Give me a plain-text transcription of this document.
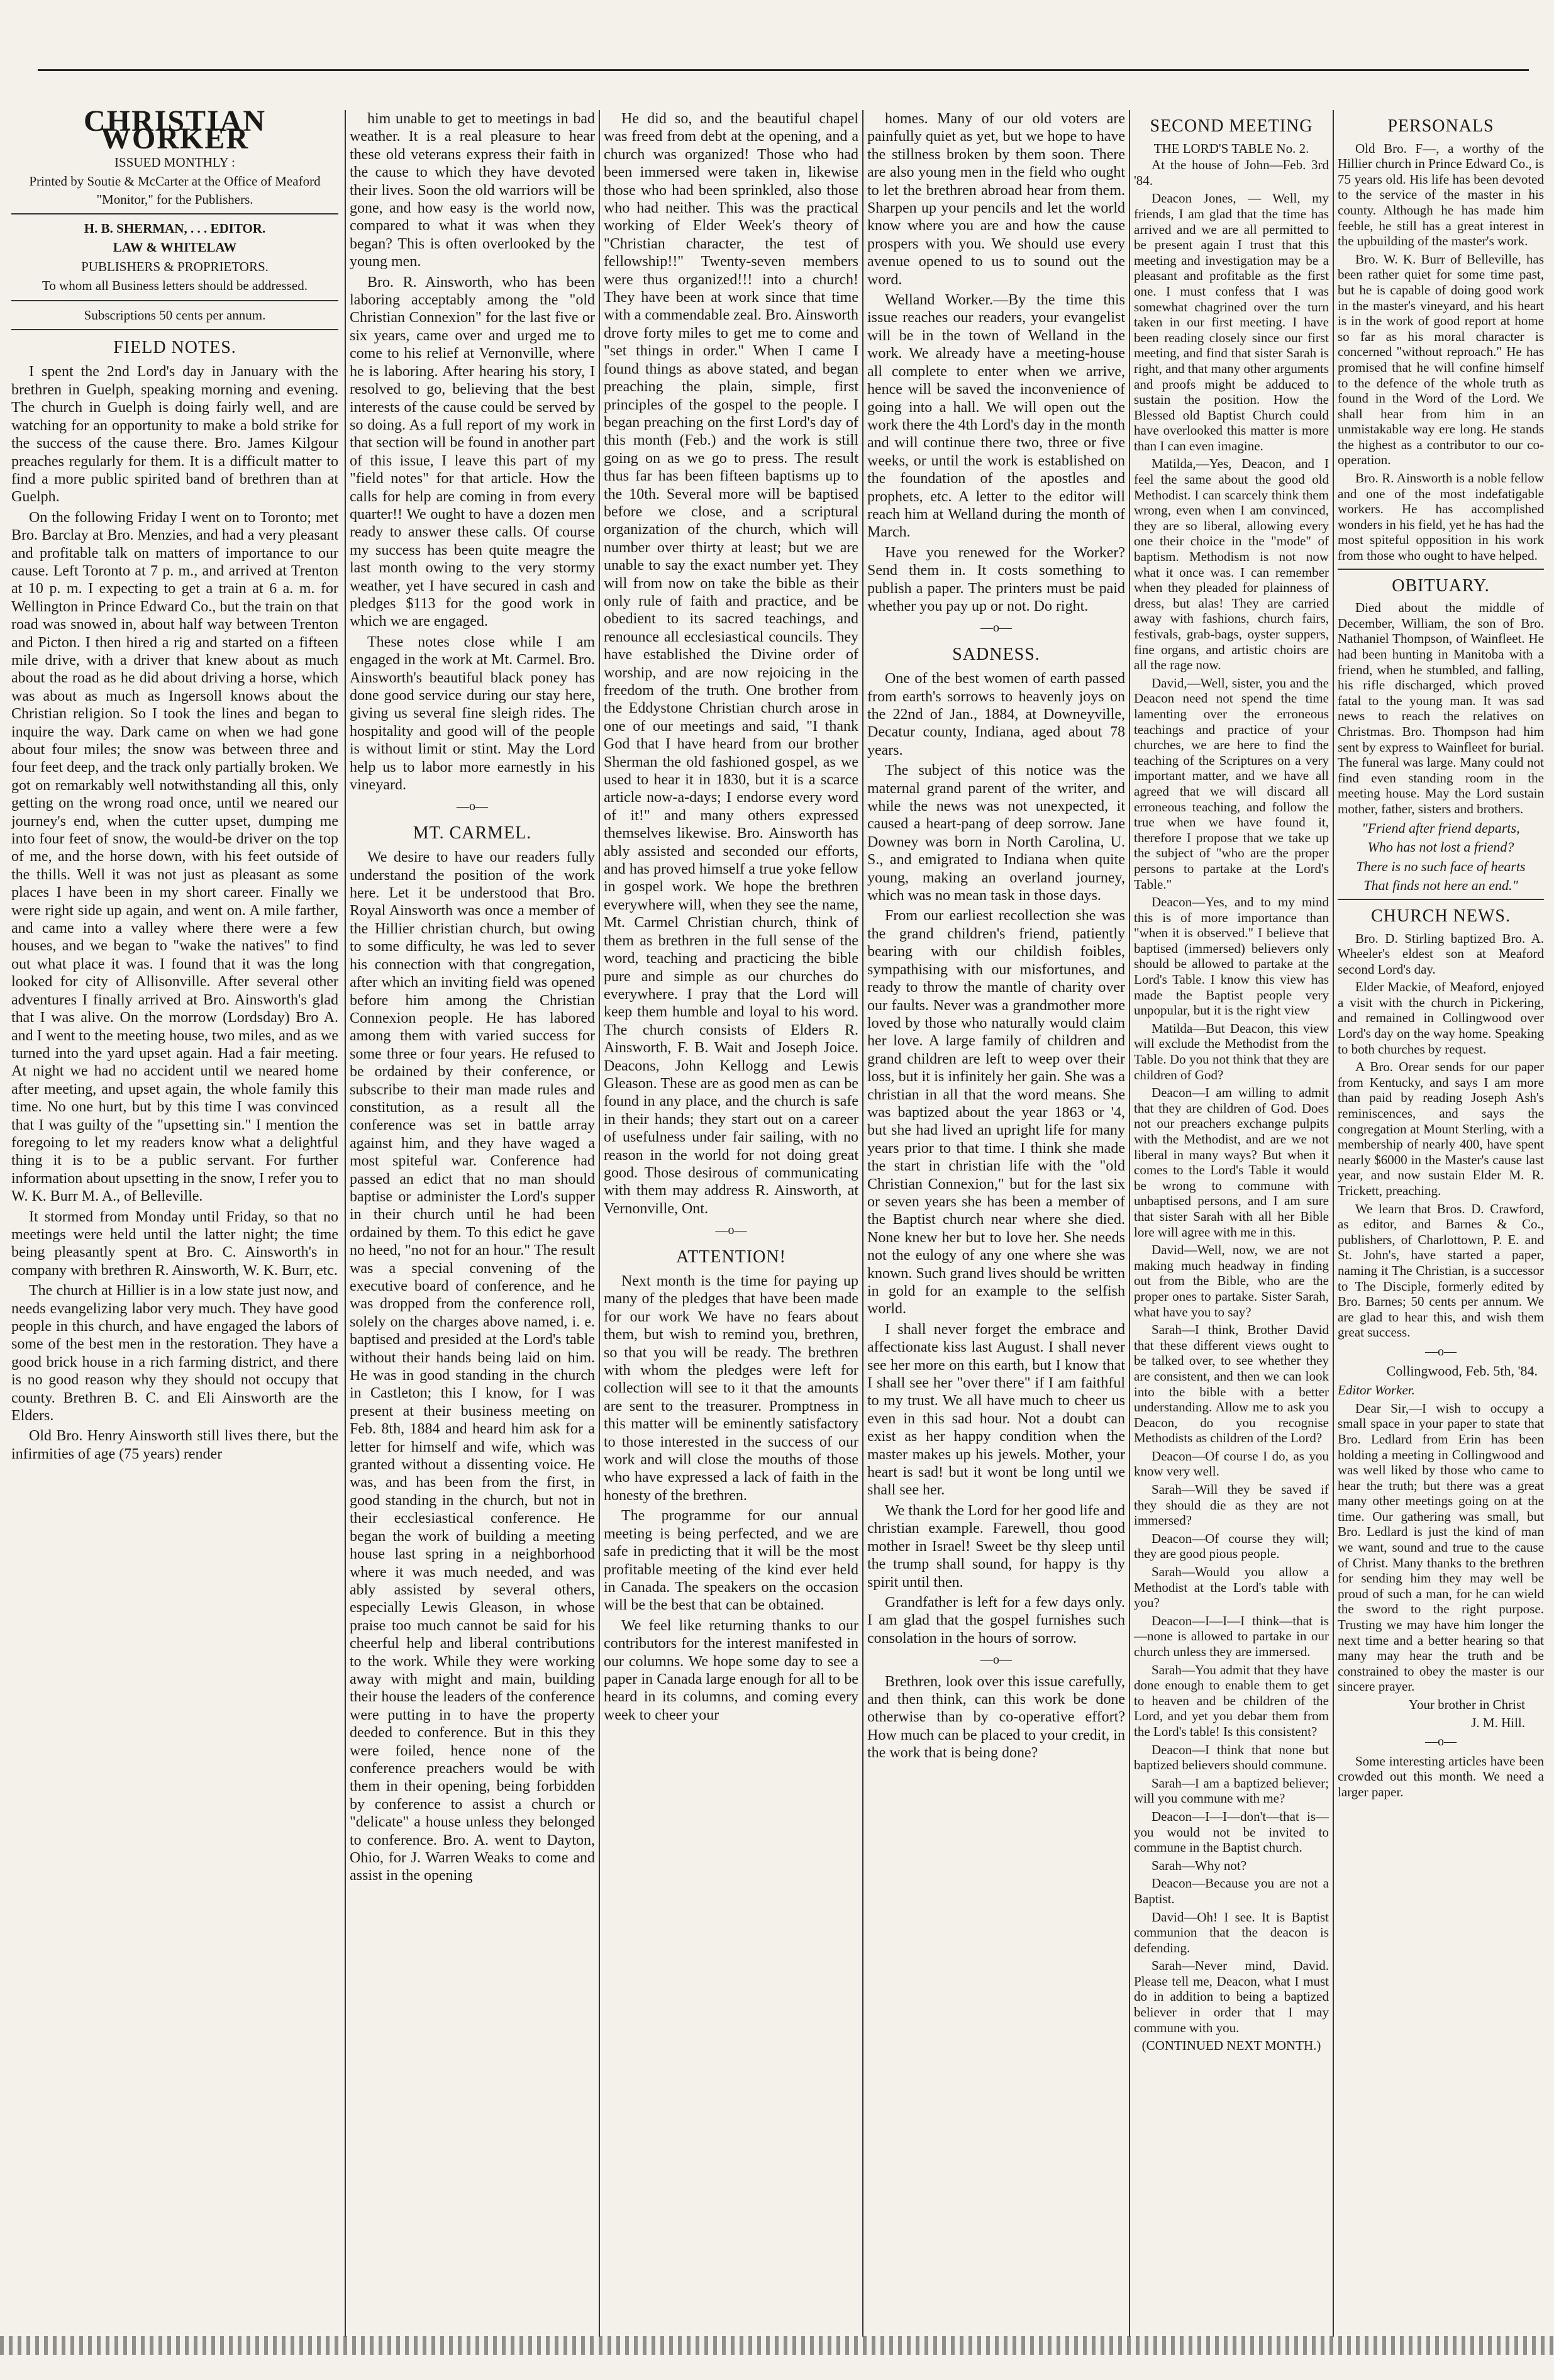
CHRISTIAN WORKER
ISSUED MONTHLY :
Printed by Soutie & McCarter at the Office of Meaford "Monitor," for the Publishers.
H. B. SHERMAN, . . . EDITOR.
LAW & WHITELAW
PUBLISHERS & PROPRIETORS.
To whom all Business letters should be addressed.
Subscriptions 50 cents per annum.
FIELD NOTES.

I spent the 2nd Lord's day in January with the brethren in Guelph, speaking morning and evening. The church in Guelph is doing fairly well, and are watching for an opportunity to make a bold strike for the success of the cause there. Bro. James Kilgour preaches regularly for them. It is a difficult matter to find a more public spirited band of brethren than at Guelph.

On the following Friday I went on to Toronto; met Bro. Barclay at Bro. Menzies, and had a very pleasant and profitable talk on matters of importance to our cause. Left Toronto at 7 p. m., and arrived at Trenton at 10 p. m. I expecting to get a train at 6 a. m. for Wellington in Prince Edward Co., but the train on that road was snowed in, about half way between Trenton and Picton. I then hired a rig and started on a fifteen mile drive, with a driver that knew about as much about the road as he did about driving a horse, which was about as much as Ingersoll knows about the Christian religion. So I took the lines and began to inquire the way. Dark came on when we had gone about four miles; the snow was between three and four feet deep, and the track only partially broken. We got on remarkably well notwithstanding all this, only getting on the wrong road once, until we neared our journey's end, when the cutter upset, dumping me into four feet of snow, the would-be driver on the top of me, and the horse down, with his feet outside of the thills. Well it was not just as pleasant as some places I have been in my short career. Finally we were right side up again, and went on. A mile farther, and came into a valley where there were a few houses, and we began to "wake the natives" to find out what place it was. I found that it was the long looked for city of Allisonville. After several other adventures I finally arrived at Bro. Ainsworth's glad that I was alive. On the morrow (Lordsday) Bro A. and I went to the meeting house, two miles, and as we turned into the yard upset again. Had a fair meeting. At night we had no accident until we neared home after meeting, and upset again, the whole family this time. No one hurt, but by this time I was convinced that I was guilty of the "upsetting sin." I mention the foregoing to let my readers know what a delightful thing it is to be a public servant. For further information about upsetting in the snow, I refer you to W. K. Burr M. A., of Belleville.

It stormed from Monday until Friday, so that no meetings were held until the latter night; the time being pleasantly spent at Bro. C. Ainsworth's in company with brethren R. Ainsworth, W. K. Burr, etc.

The church at Hillier is in a low state just now, and needs evangelizing labor very much. They have good people in this church, and have engaged the labors of some of the best men in the restoration. They have a good brick house in a rich farming district, and there is no good reason why they should not occupy that county. Brethren B. C. and Eli Ainsworth are the Elders.

Old Bro. Henry Ainsworth still lives there, but the infirmities of age (75 years) render

him unable to get to meetings in bad weather. It is a real pleasure to hear these old veterans express their faith in the cause to which they have devoted their lives. Soon the old warriors will be gone, and how easy is the world now, compared to what it was when they began? This is often overlooked by the young men.

Bro. R. Ainsworth, who has been laboring acceptably among the "old Christian Connexion" for the last five or six years, came over and urged me to come to his relief at Vernonville, where he is laboring. After hearing his story, I resolved to go, believing that the best interests of the cause could be served by so doing. As a full report of my work in that section will be found in another part of this issue, I leave this part of my "field notes" for that article. How the calls for help are coming in from every quarter!! We ought to have a dozen men ready to answer these calls. Of course my success has been quite meagre the last month owing to the very stormy weather, yet I have secured in cash and pledges $113 for the good work in which we are engaged.

These notes close while I am engaged in the work at Mt. Carmel. Bro. Ainsworth's beautiful black poney has done good service during our stay here, giving us several fine sleigh rides. The hospitality and good will of the people is without limit or stint. May the Lord help us to labor more earnestly in his vineyard.

—o—
MT. CARMEL.

We desire to have our readers fully understand the position of the work here. Let it be understood that Bro. Royal Ainsworth was once a member of the Hillier christian church, but owing to some difficulty, he was led to sever his connection with that congregation, after which an inviting field was opened before him among the Christian Connexion people. He has labored among them with varied success for some three or four years. He refused to be ordained by their conference, or subscribe to their man made rules and constitution, as a result all the conference was set in battle array against him, and they have waged a most spiteful war. Conference had passed an edict that no man should baptise or administer the Lord's supper in their church until he had been ordained by them. To this edict he gave no heed, "no not for an hour." The result was a special convening of the executive board of conference, and he was dropped from the conference roll, solely on the charges above named, i. e. baptised and presided at the Lord's table without their hands being laid on him. He was in good standing in the church in Castleton; this I know, for I was present at their business meeting on Feb. 8th, 1884 and heard him ask for a letter for himself and wife, which was granted without a dissenting voice. He was, and has been from the first, in good standing in the church, but not in their ecclesiastical conference. He began the work of building a meeting house last spring in a neighborhood where it was much needed, and was ably assisted by several others, especially Lewis Gleason, in whose praise too much cannot be said for his cheerful help and liberal contributions to the work. While they were working away with might and main, building their house the leaders of the conference were putting in to have the property deeded to conference. But in this they were foiled, hence none of the conference preachers would be with them in their opening, being forbidden by conference to assist a church or "delicate" a house unless they belonged to conference. Bro. A. went to Dayton, Ohio, for J. Warren Weaks to come and assist in the opening

He did so, and the beautiful chapel was freed from debt at the opening, and a church was organized! Those who had been immersed were taken in, likewise those who had been sprinkled, also those who had neither. This was the practical working of Elder Week's theory of "Christian character, the test of fellowship!!" Twenty-seven members were thus organized!!! into a church! They have been at work since that time with a commendable zeal. Bro. Ainsworth drove forty miles to get me to come and "set things in order." When I came I found things as above stated, and began preaching the plain, simple, first principles of the gospel to the people. I began preaching on the first Lord's day of this month (Feb.) and the work is still going on as we go to press. The result thus far has been fifteen baptisms up to the 10th. Several more will be baptised before we close, and a scriptural organization of the church, which will number over thirty at least; but we are unable to say the exact number yet. They will from now on take the bible as their only rule of faith and practice, and be obedient to its sacred teachings, and renounce all ecclesiastical councils. They have established the Divine order of worship, and are now rejoicing in the freedom of the truth. One brother from the Eddystone Christian church arose in one of our meetings and said, "I thank God that I have heard from our brother Sherman the old fashioned gospel, as we used to hear it in 1830, but it is a scarce article now-a-days; I endorse every word of it!" and many others expressed themselves likewise. Bro. Ainsworth has ably assisted and seconded our efforts, and has proved himself a true yoke fellow in gospel work. We hope the brethren everywhere will, when they see the name, Mt. Carmel Christian church, think of them as brethren in the full sense of the word, teaching and practicing the bible pure and simple as our churches do everywhere. I pray that the Lord will keep them humble and loyal to his word. The church consists of Elders R. Ainsworth, F. B. Wait and Joseph Joice. Deacons, John Kellogg and Lewis Gleason. These are as good men as can be found in any place, and the church is safe in their hands; they start out on a career of usefulness under fair sailing, with no reason in the world for not doing great good. Those desirous of communicating with them may address R. Ainsworth, at Vernonville, Ont.

—o—
ATTENTION!

Next month is the time for paying up many of the pledges that have been made for our work We have no fears about them, but wish to remind you, brethren, so that you will be ready. The brethren with whom the pledges were left for collection will see to it that the amounts are sent to the treasurer. Promptness in this matter will be eminently satisfactory to those interested in the success of our work and will close the mouths of those who have expressed a lack of faith in the honesty of the brethren.

The programme for our annual meeting is being perfected, and we are safe in predicting that it will be the most profitable meeting of the kind ever held in Canada. The speakers on the occasion will be the best that can be obtained.

We feel like returning thanks to our contributors for the interest manifested in our columns. We hope some day to see a paper in Canada large enough for all to be heard in its columns, and coming every week to cheer your

homes. Many of our old voters are painfully quiet as yet, but we hope to have the stillness broken by them soon. There are also young men in the field who ought to let the brethren abroad hear from them. Sharpen up your pencils and let the world know where you are and how the cause prospers with you. We should use every avenue opened to us to sound out the word.

Welland Worker.—By the time this issue reaches our readers, your evangelist will be in the town of Welland in the work. We already have a meeting-house all complete to enter when we arrive, hence will be saved the inconvenience of going into a hall. We will open out the work there the 4th Lord's day in the month and will continue there two, three or five weeks, or until the work is established on the foundation of the apostles and prophets, etc. A letter to the editor will reach him at Welland during the month of March.

Have you renewed for the Worker? Send them in. It costs something to publish a paper. The printers must be paid whether you pay up or not. Do right.

—o—
SADNESS.

One of the best women of earth passed from earth's sorrows to heavenly joys on the 22nd of Jan., 1884, at Downeyville, Decatur county, Indiana, aged about 78 years.

The subject of this notice was the maternal grand parent of the writer, and while the news was not unexpected, it caused a heart-pang of deep sorrow. Jane Downey was born in North Carolina, U. S., and emigrated to Indiana when quite young, making an overland journey, which was no mean task in those days.

From our earliest recollection she was the grand children's friend, patiently bearing with our childish foibles, sympathising with our misfortunes, and ready to throw the mantle of charity over our faults. Never was a grandmother more loved by those who naturally would claim her love. A large family of children and grand children are left to weep over their loss, but it is infinitely her gain. She was a christian in all that the word means. She was baptized about the year 1863 or '4, but she had lived an upright life for many years prior to that time. I think she made the start in christian life with the "old Christian Connexion," but for the last six or seven years she has been a member of the Baptist church near where she died. None knew her but to love her. She needs not the eulogy of any one where she was known. Such grand lives should be written in gold for an example to the selfish world.

I shall never forget the embrace and affectionate kiss last August. I shall never see her more on this earth, but I know that I shall see her "over there" if I am faithful to my trust. We all have much to cheer us even in this sad hour. Not a doubt can exist as her happy condition when the master makes up his jewels. Mother, your heart is sad! but it wont be long until we shall see her.

We thank the Lord for her good life and christian example. Farewell, thou good mother in Israel! Sweet be thy sleep until the trump shall sound, for happy is thy spirit until then.

Grandfather is left for a few days only. I am glad that the gospel furnishes such consolation in the hours of sorrow.

—o—

Brethren, look over this issue carefully, and then think, can this work be done otherwise than by co-operative effort? How much can be placed to your credit, in the work that is being done?

SECOND MEETING
THE LORD'S TABLE No. 2.

At the house of John—Feb. 3rd '84.

Deacon Jones, — Well, my friends, I am glad that the time has arrived and we are all permitted to be present again I trust that this meeting and investigation may be a pleasant and profitable as the first one. I must confess that I was somewhat chagrined over the turn taken in our first meeting. I have been reading closely since our first meeting, and find that sister Sarah is right, and that many other arguments and proofs might be adduced to sustain the position. How the Blessed old Baptist Church could have overlooked this matter is more than I can even imagine.

Matilda,—Yes, Deacon, and I feel the same about the good old Methodist. I can scarcely think them wrong, even when I am convinced, they are so liberal, allowing every one their choice in the "mode" of baptism. Methodism is not now what it once was. I can remember when they pleaded for plainness of dress, but alas! They are carried away with fashions, church fairs, festivals, grab-bags, oyster suppers, fine organs, and artistic choirs are all the rage now.

David,—Well, sister, you and the Deacon need not spend the time lamenting over the erroneous teachings and practice of your churches, we are here to find the teaching of the Scriptures on a very important matter, and we have all agreed that we will discard all erroneous teaching, and follow the true when we have found it, therefore I propose that we take up the subject of "who are the proper persons to partake at the Lord's Table."

Deacon—Yes, and to my mind this is of more importance than "when it is observed." I believe that baptised (immersed) believers only should be allowed to partake at the Lord's Table. I know this view has made the Baptist people very unpopular, but it is the right view

Matilda—But Deacon, this view will exclude the Methodist from the Table. Do you not think that they are children of God?

Deacon—I am willing to admit that they are children of God. Does not our preachers exchange pulpits with the Methodist, and are we not liberal in many ways? But when it comes to the Lord's Table it would be wrong to commune with unbaptised persons, and I am sure that sister Sarah with all her Bible lore will agree with me in this.

David—Well, now, we are not making much headway in finding out from the Bible, who are the proper ones to partake. Sister Sarah, what have you to say?

Sarah—I think, Brother David that these different views ought to be talked over, to see whether they are consistent, and then we can look into the bible with a better understanding. Allow me to ask you Deacon, do you recognise Methodists as children of the Lord?

Deacon—Of course I do, as you know very well.

Sarah—Will they be saved if they should die as they are not immersed?

Deacon—Of course they will; they are good pious people.

Sarah—Would you allow a Methodist at the Lord's table with you?

Deacon—I—I—I think—that is—none is allowed to partake in our church unless they are immersed.

Sarah—You admit that they have done enough to enable them to get to heaven and be children of the Lord, and yet you debar them from the Lord's table! Is this consistent?

Deacon—I think that none but baptized believers should commune.

Sarah—I am a baptized believer; will you commune with me?

Deacon—I—I—don't—that is—you would not be invited to commune in the Baptist church.

Sarah—Why not?

Deacon—Because you are not a Baptist.

David—Oh! I see. It is Baptist communion that the deacon is defending.

Sarah—Never mind, David. Please tell me, Deacon, what I must do in addition to being a baptized believer in order that I may commune with you.

(CONTINUED NEXT MONTH.)
PERSONALS

Old Bro. F—, a worthy of the Hillier church in Prince Edward Co., is 75 years old. His life has been devoted to the service of the master in his county. Although he has made him feeble, he still has a great interest in the upbuilding of the master's work.

Bro. W. K. Burr of Belleville, has been rather quiet for some time past, but he is capable of doing good work in the master's vineyard, and his heart is in the work of good report at home so far as his moral character is concerned "without reproach." He has promised that he will confine himself to the defence of the whole truth as found in the Word of the Lord. We shall hear from him in an unmistakable way ere long. He stands the highest as a contributor to our co-operation.

Bro. R. Ainsworth is a noble fellow and one of the most indefatigable workers. He has accomplished wonders in his field, yet he has had the most spiteful opposition in his work from those who ought to have helped.

OBITUARY.

Died about the middle of December, William, the son of Bro. Nathaniel Thompson, of Wainfleet. He had been hunting in Manitoba with a friend, when he stumbled, and falling, his rifle discharged, which proved fatal to the young man. It was sad news to reach the relatives on Christmas. Bro. Thompson had him sent by express to Wainfleet for burial. The funeral was large. Many could not find even standing room in the meeting house. May the Lord sustain mother, father, sisters and brothers.

"Friend after friend departs,

Who has not lost a friend?

There is no such face of hearts

That finds not here an end."

CHURCH NEWS.

Bro. D. Stirling baptized Bro. A. Wheeler's eldest son at Meaford second Lord's day.

Elder Mackie, of Meaford, enjoyed a visit with the church in Pickering, and remained in Collingwood over Lord's day on the way home. Speaking to both churches by request.

A Bro. Orear sends for our paper from Kentucky, and says I am more than paid by reading Joseph Ash's reminiscences, and says the congregation at Mount Sterling, with a membership of nearly 400, have spent nearly $6000 in the Master's cause last year, and now sustain Elder M. R. Trickett, preaching.

We learn that Bros. D. Crawford, as editor, and Barnes & Co., publishers, of Charlottown, P. E. and St. John's, have started a paper, naming it The Christian, is a successor to The Disciple, formerly edited by Bro. Barnes; 50 cents per annum. We are glad to hear this, and wish them great success.

—o—
Collingwood, Feb. 5th, '84.

Editor Worker.

Dear Sir,—I wish to occupy a small space in your paper to state that Bro. Ledlard from Erin has been holding a meeting in Collingwood and was well liked by those who came to hear the truth; but there was a great many other meetings going on at the time. Our gathering was small, but Bro. Ledlard is just the kind of man we want, sound and true to the cause of Christ. Many thanks to the brethren for sending him they may well be proud of such a man, for he can wield the sword to the right purpose. Trusting we may have him longer the next time and a better hearing so that many may hear the truth and be constrained to obey the master is our sincere prayer.

Your brother in Christ

J. M. Hill.

—o—

Some interesting articles have been crowded out this month. We need a larger paper.
